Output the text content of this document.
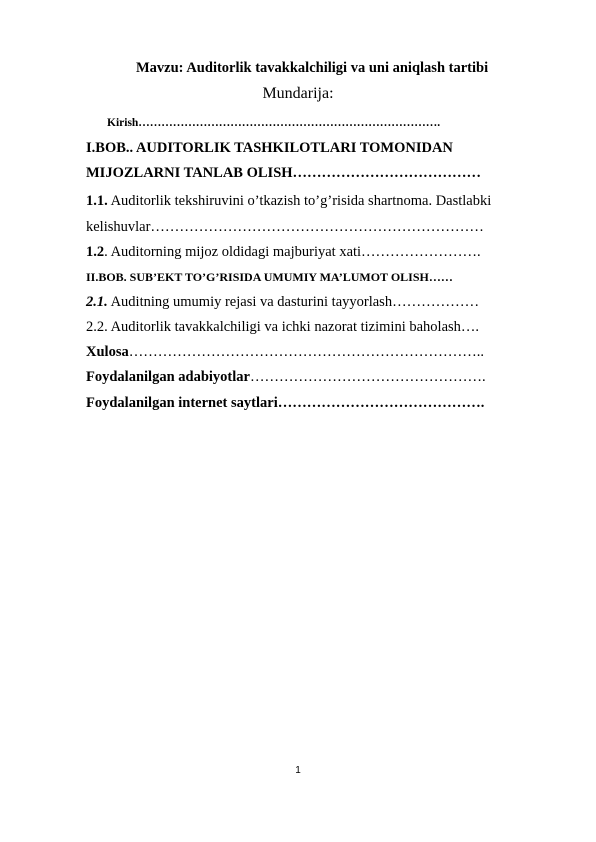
Mavzu: Auditorlik tavakkalchiligi va uni aniqlash tartibi
Mundarija:
Kirish…………………………………………………………………….
I.BOB.. AUDITORLIK TASHKILOTLARI TOMONIDAN
MIJOZLARNI TANLAB OLISH…………………………………
1.1. Auditorlik tekshiruvini o’tkazish to’g’risida shartnoma. Dastlabki
kelishuvlar……………………………………………………………
1.2. Auditorning mijoz oldidagi majburiyat xati…………………….
II.BOB. SUB’EKT TO’G’RISIDA UMUMIY MA’LUMOT OLISH……
2.1. Auditning umumiy rejasi va dasturini tayyorlash………………
2.2. Auditorlik tavakkalchiligi va ichki nazorat tizimini baholash….
Xulosa………………………………………………………………..
Foydalanilgan adabiyotlar………………………………………….
Foydalanilgan internet saytlari…………………………………….
1
